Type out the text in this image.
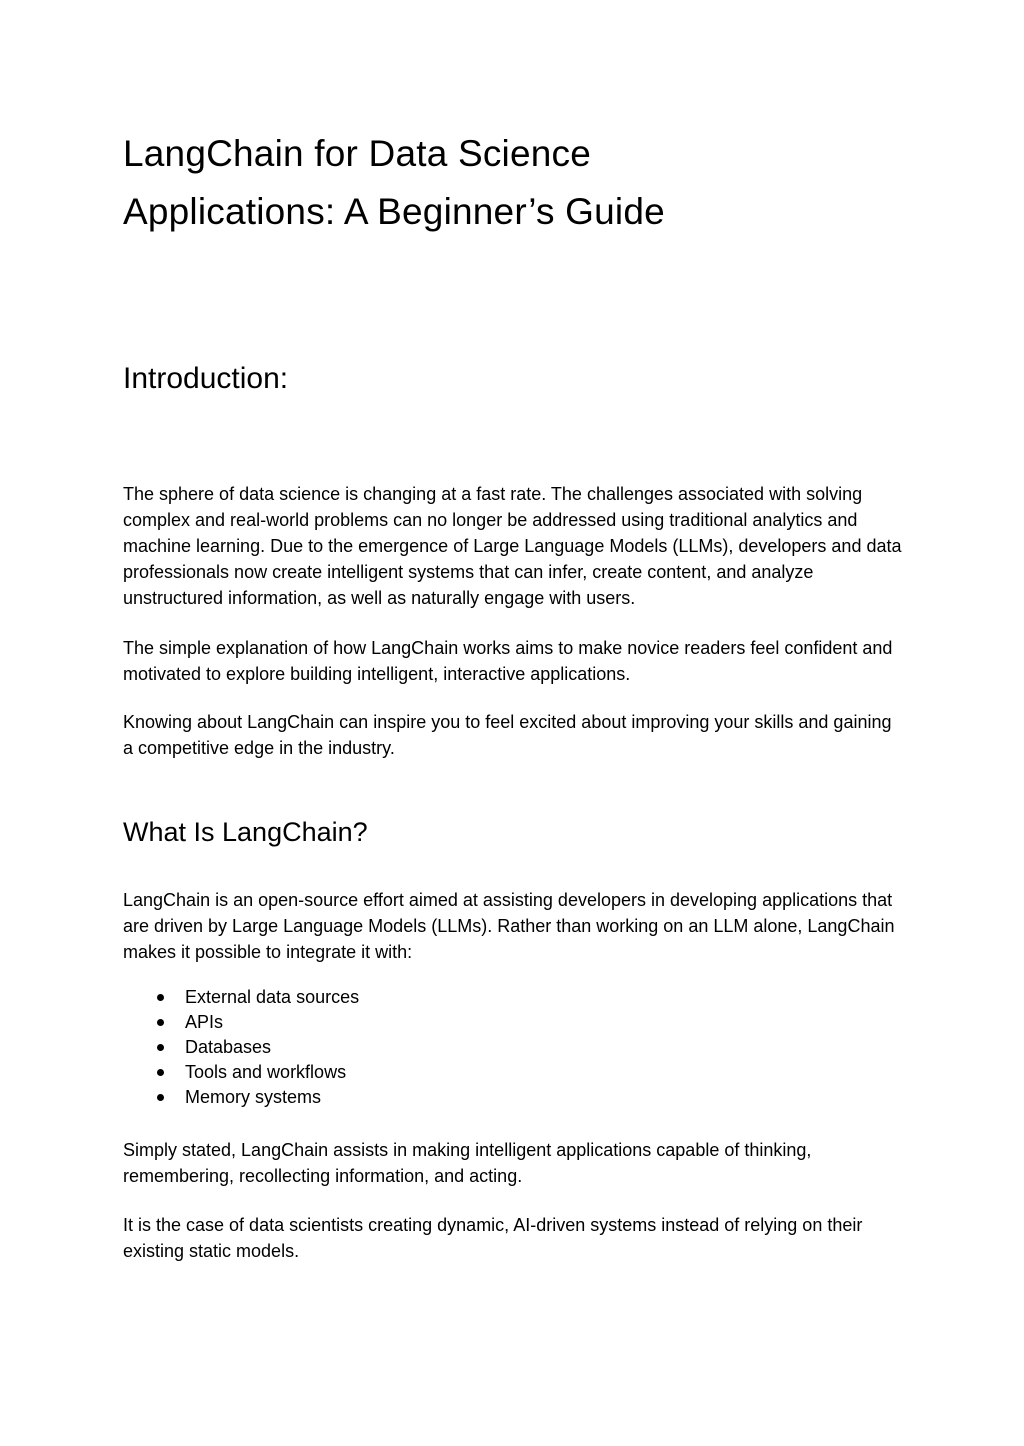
LangChain for Data Science
Applications: A Beginner’s Guide
Introduction:

The sphere of data science is changing at a fast rate. The challenges associated with solving complex and real-world problems can no longer be addressed using traditional analytics and machine learning. Due to the emergence of Large Language Models (LLMs), developers and data professionals now create intelligent systems that can infer, create content, and analyze unstructured information, as well as naturally engage with users.

The simple explanation of how LangChain works aims to make novice readers feel confident and motivated to explore building intelligent, interactive applications.

Knowing about LangChain can inspire you to feel excited about improving your skills and gaining a competitive edge in the industry.

What Is LangChain?

LangChain is an open-source effort aimed at assisting developers in developing applications that are driven by Large Language Models (LLMs). Rather than working on an LLM alone, LangChain makes it possible to integrate it with:

External data sources
APIs
Databases
Tools and workflows
Memory systems

Simply stated, LangChain assists in making intelligent applications capable of thinking, remembering, recollecting information, and acting.

It is the case of data scientists creating dynamic, AI-driven systems instead of relying on their existing static models.
